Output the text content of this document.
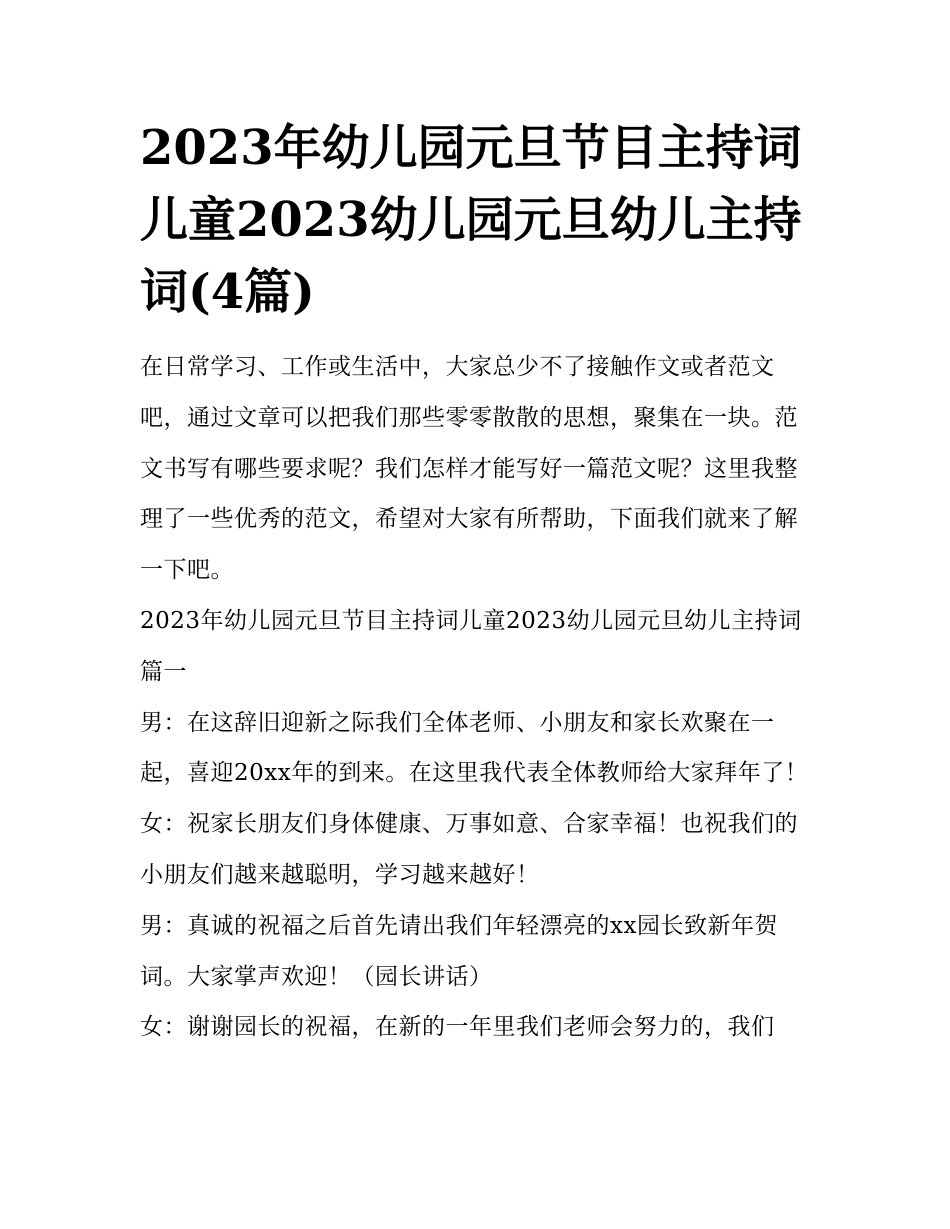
2023年幼儿园元旦节目主持词儿童2023幼儿园元旦幼儿主持词(4篇)

在日常学习、工作或生活中，大家总少不了接触作文或者范文吧，通过文章可以把我们那些零零散散的思想，聚集在一块。范文书写有哪些要求呢？我们怎样才能写好一篇范文呢？这里我整理了一些优秀的范文，希望对大家有所帮助，下面我们就来了解一下吧。

2023年幼儿园元旦节目主持词儿童2023幼儿园元旦幼儿主持词篇一

男：在这辞旧迎新之际我们全体老师、小朋友和家长欢聚在一起，喜迎20xx年的到来。在这里我代表全体教师给大家拜年了！

女：祝家长朋友们身体健康、万事如意、合家幸福！也祝我们的小朋友们越来越聪明，学习越来越好！

男：真诚的祝福之后首先请出我们年轻漂亮的xx园长致新年贺词。大家掌声欢迎！（园长讲话）

女：谢谢园长的祝福，在新的一年里我们老师会努力的，我们
